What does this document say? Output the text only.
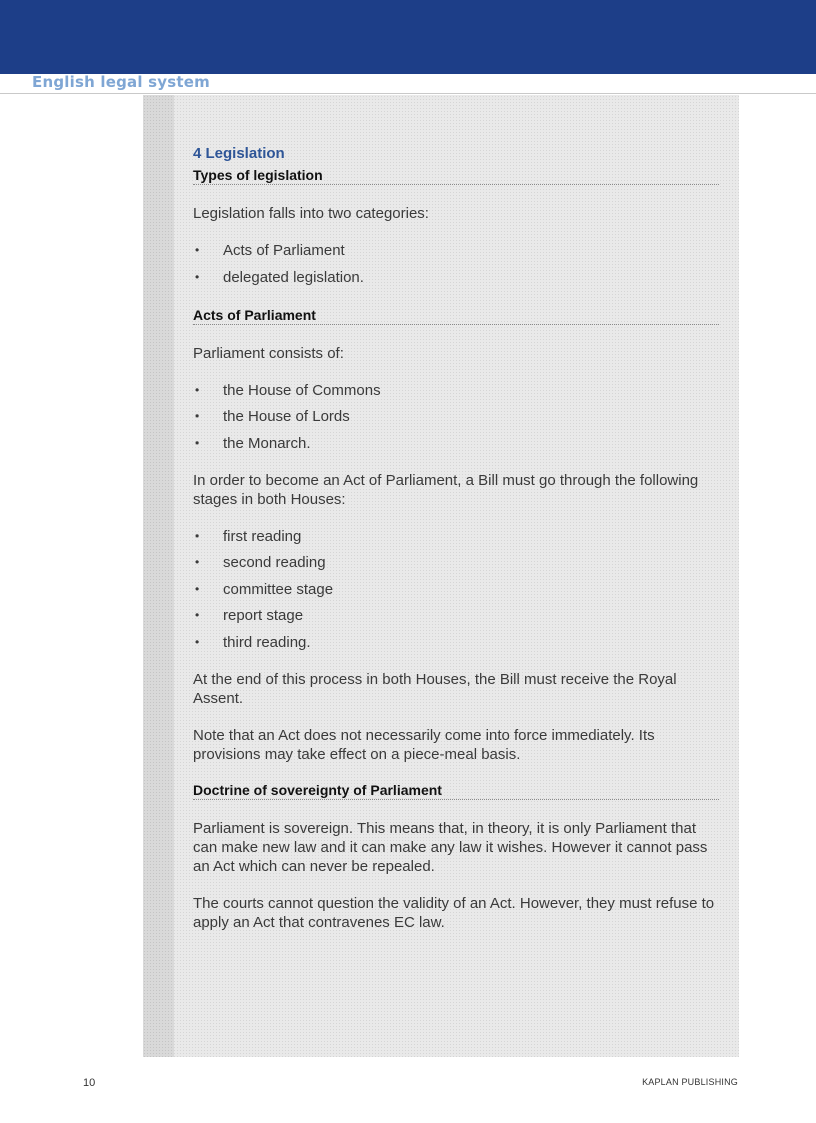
English legal system
4 Legislation
Types of legislation

Legislation falls into two categories:

• Acts of Parliament
• delegated legislation.
Acts of Parliament

Parliament consists of:

• the House of Commons
• the House of Lords
• the Monarch.

In order to become an Act of Parliament, a Bill must go through the following stages in both Houses:

• first reading
• second reading
• committee stage
• report stage
• third reading.

At the end of this process in both Houses, the Bill must receive the Royal Assent.

Note that an Act does not necessarily come into force immediately. Its provisions may take effect on a piece-meal basis.

Doctrine of sovereignty of Parliament

Parliament is sovereign. This means that, in theory, it is only Parliament that can make new law and it can make any law it wishes. However it cannot pass an Act which can never be repealed.

The courts cannot question the validity of an Act. However, they must refuse to apply an Act that contravenes EC law.

10	KAPLAN PUBLISHING
